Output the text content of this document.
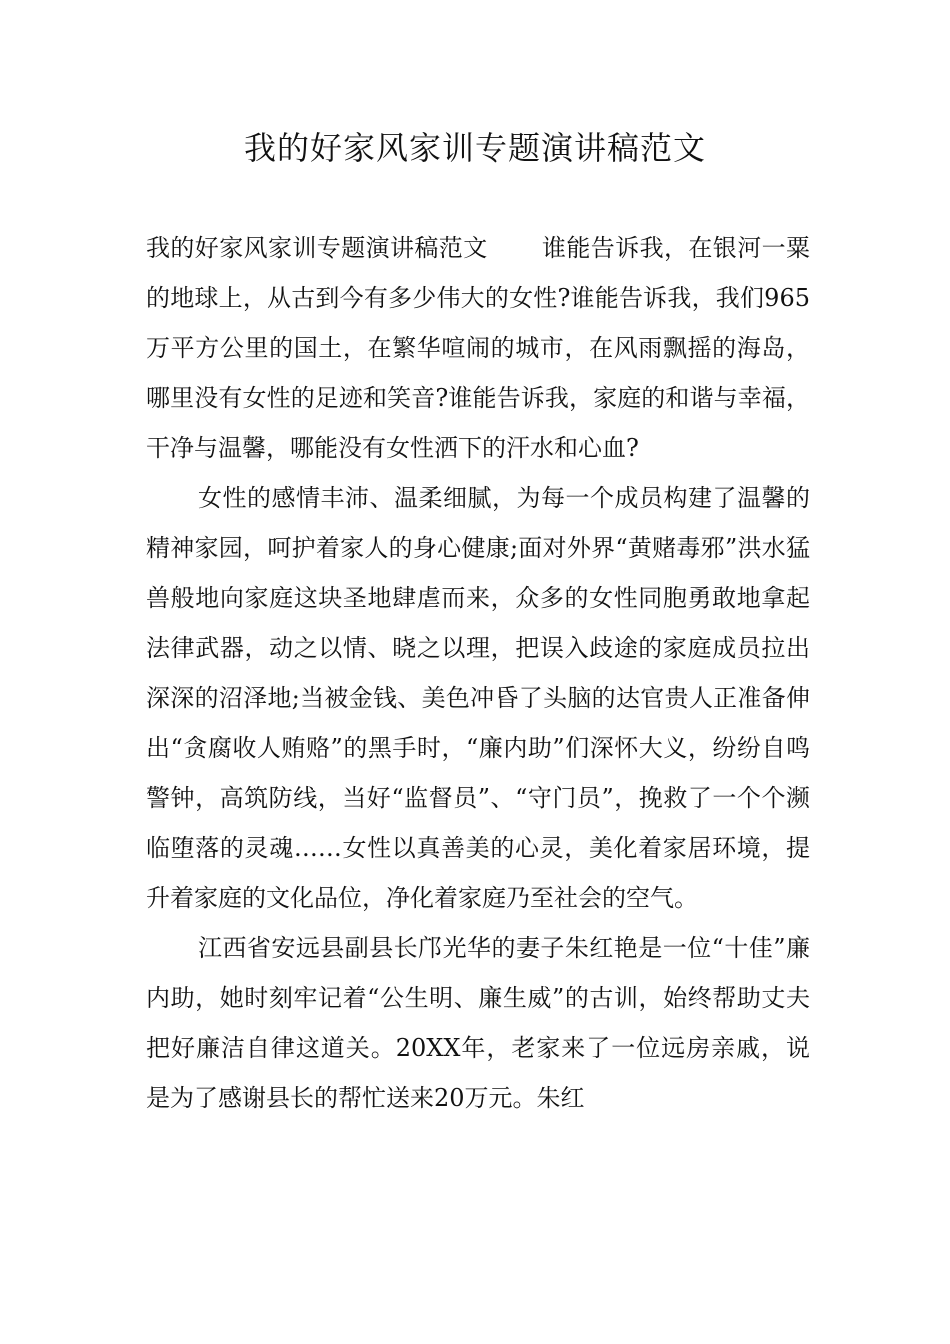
我的好家风家训专题演讲稿范文

我的好家风家训专题演讲稿范文 谁能告诉我，在银河一粟的地球上，从古到今有多少伟大的女性?谁能告诉我，我们965万平方公里的国土，在繁华喧闹的城市，在风雨飘摇的海岛，哪里没有女性的足迹和笑音?谁能告诉我，家庭的和谐与幸福，干净与温馨，哪能没有女性洒下的汗水和心血?

女性的感情丰沛、温柔细腻，为每一个成员构建了温馨的精神家园，呵护着家人的身心健康;面对外界“黄赌毒邪”洪水猛兽般地向家庭这块圣地肆虐而来，众多的女性同胞勇敢地拿起法律武器，动之以情、晓之以理，把误入歧途的家庭成员拉出深深的沼泽地;当被金钱、美色冲昏了头脑的达官贵人正准备伸出“贪腐收人贿赂”的黑手时，“廉内助”们深怀大义，纷纷自鸣警钟，高筑防线，当好“监督员”、“守门员”，挽救了一个个濒临堕落的灵魂……女性以真善美的心灵，美化着家居环境，提升着家庭的文化品位，净化着家庭乃至社会的空气。

江西省安远县副县长邝光华的妻子朱红艳是一位“十佳”廉内助，她时刻牢记着“公生明、廉生威”的古训，始终帮助丈夫把好廉洁自律这道关。20XX年，老家来了一位远房亲戚，说是为了感谢县长的帮忙送来20万元。朱红
